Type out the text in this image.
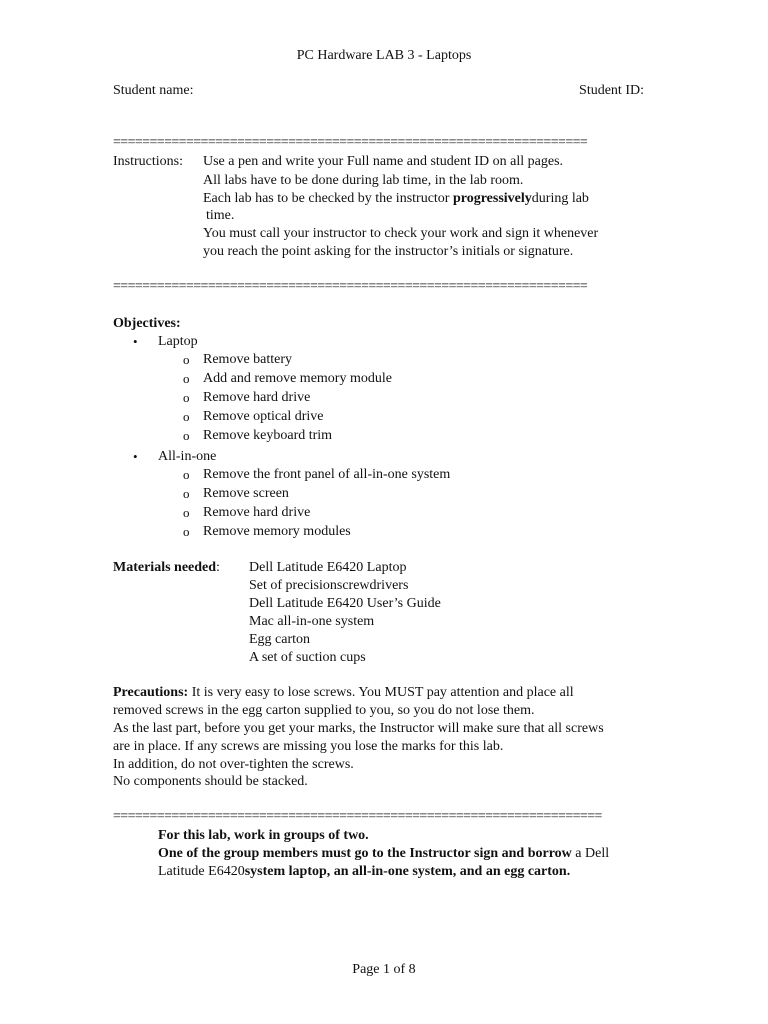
PC Hardware LAB 3 - Laptops
Student name:	Student ID:
=================================================================
Instructions: Use a pen and write your Full name and student ID on all pages.
All labs have to be done during lab time, in the lab room.
Each lab has to be checked by the instructor progressivelyduring lab
time.
You must call your instructor to check your work and sign it whenever
you reach the point asking for the instructor’s initials or signature.
=================================================================
Objectives:
• Laptop
o Remove battery
o Add and remove memory module
o Remove hard drive
o Remove optical drive
o Remove keyboard trim
• All-in-one
o Remove the front panel of all-in-one system
o Remove screen
o Remove hard drive
o Remove memory modules
Materials needed: Dell Latitude E6420 Laptop
Set of precisionscrewdrivers
Dell Latitude E6420 User’s Guide
Mac all-in-one system
Egg carton
A set of suction cups
Precautions: It is very easy to lose screws. You MUST pay attention and place all
removed screws in the egg carton supplied to you, so you do not lose them.
As the last part, before you get your marks, the Instructor will make sure that all screws
are in place. If any screws are missing you lose the marks for this lab.
In addition, do not over-tighten the screws.
No components should be stacked.
===================================================================
For this lab, work in groups of two.
One of the group members must go to the Instructor sign and borrow a Dell
Latitude E6420system laptop, an all-in-one system, and an egg carton.
Page 1 of 8
